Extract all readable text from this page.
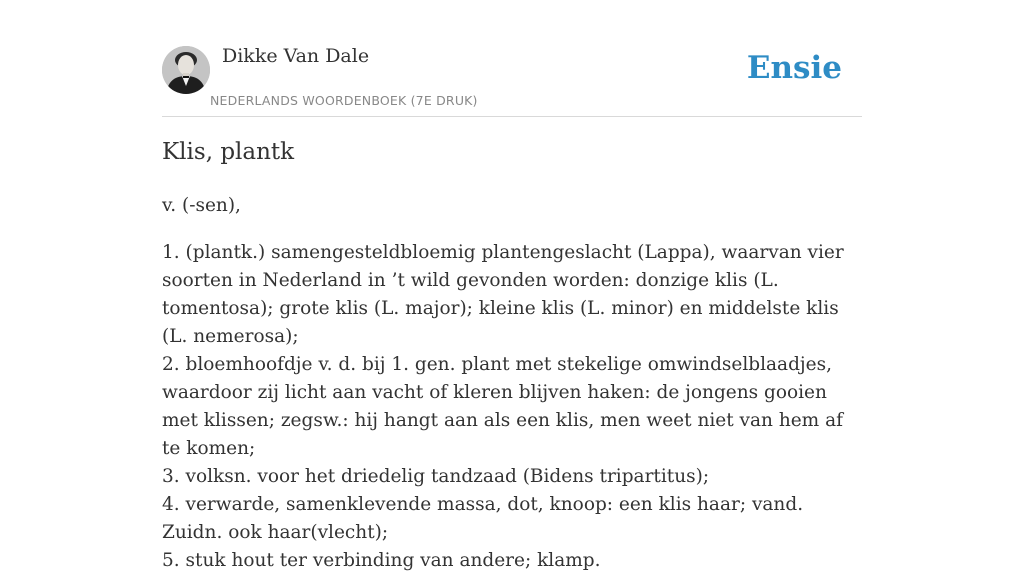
Dikke Van Dale
NEDERLANDS WOORDENBOEK (7E DRUK)
Ensie
Klis, plantk

v. (-sen),

1. (plantk.) samengesteldbloemig plantengeslacht (Lappa), waarvan vier soorten in Nederland in ’t wild gevonden worden: donzige klis (L. tomentosa); grote klis (L. major); kleine klis (L. minor) en middelste klis (L. nemerosa);
2. bloemhoofdje v. d. bij 1. gen. plant met stekelige omwindselblaadjes, waardoor zij licht aan vacht of kleren blijven haken: de jongens gooien met klissen; zegsw.: hij hangt aan als een klis, men weet niet van hem af te komen;
3. volksn. voor het driedelig tandzaad (Bidens tripartitus);
4. verwarde, samenklevende massa, dot, knoop: een klis haar; vand. Zuidn. ook haar(vlecht);
5. stuk hout ter verbinding van andere; klamp.
